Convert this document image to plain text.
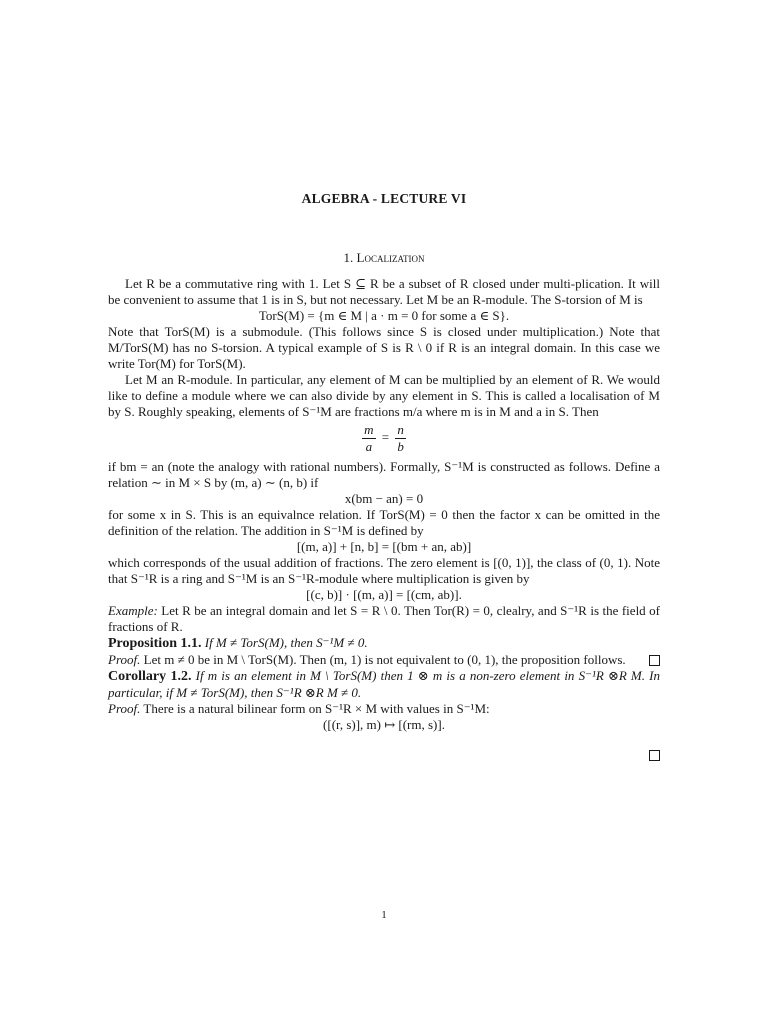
ALGEBRA - LECTURE VI
1. Localization

Let R be a commutative ring with 1. Let S ⊆ R be a subset of R closed under multi-plication. It will be convenient to assume that 1 is in S, but not necessary. Let M be an R-module. The S-torsion of M is

TorS(M) = {m ∈ M | a · m = 0 for some a ∈ S}.

Note that TorS(M) is a submodule. (This follows since S is closed under multiplication.) Note that M/TorS(M) has no S-torsion. A typical example of S is R \ 0 if R is an integral domain. In this case we write Tor(M) for TorS(M).

Let M an R-module. In particular, any element of M can be multiplied by an element of R. We would like to define a module where we can also divide by any element in S. This is called a localisation of M by S. Roughly speaking, elements of S⁻¹M are fractions m/a where m is in M and a in S. Then

$\frac{m}{a} = \frac{n}{b}$

if bm = an (note the analogy with rational numbers). Formally, S⁻¹M is constructed as follows. Define a relation ∼ in M × S by (m, a) ∼ (n, b) if

x(bm − an) = 0

for some x in S. This is an equivalnce relation. If TorS(M) = 0 then the factor x can be omitted in the definition of the relation. The addition in S⁻¹M is defined by

[(m, a)] + [n, b] = [(bm + an, ab)]

which corresponds of the usual addition of fractions. The zero element is [(0, 1)], the class of (0, 1). Note that S⁻¹R is a ring and S⁻¹M is an S⁻¹R-module where multiplication is given by

[(c, b)] · [(m, a)] = [(cm, ab)].

Example: Let R be an integral domain and let S = R \ 0. Then Tor(R) = 0, clealry, and S⁻¹R is the field of fractions of R.

Proposition 1.1. If M ≠ TorS(M), then S⁻¹M ≠ 0.

Proof. Let m ≠ 0 be in M \ TorS(M). Then (m, 1) is not equivalent to (0, 1), the proposition follows.

Corollary 1.2. If m is an element in M \ TorS(M) then 1 ⊗ m is a non-zero element in S⁻¹R ⊗R M. In particular, if M ≠ TorS(M), then S⁻¹R ⊗R M ≠ 0.

Proof. There is a natural bilinear form on S⁻¹R × M with values in S⁻¹M:

([(r, s)], m) ↦ [(rm, s)].

1
